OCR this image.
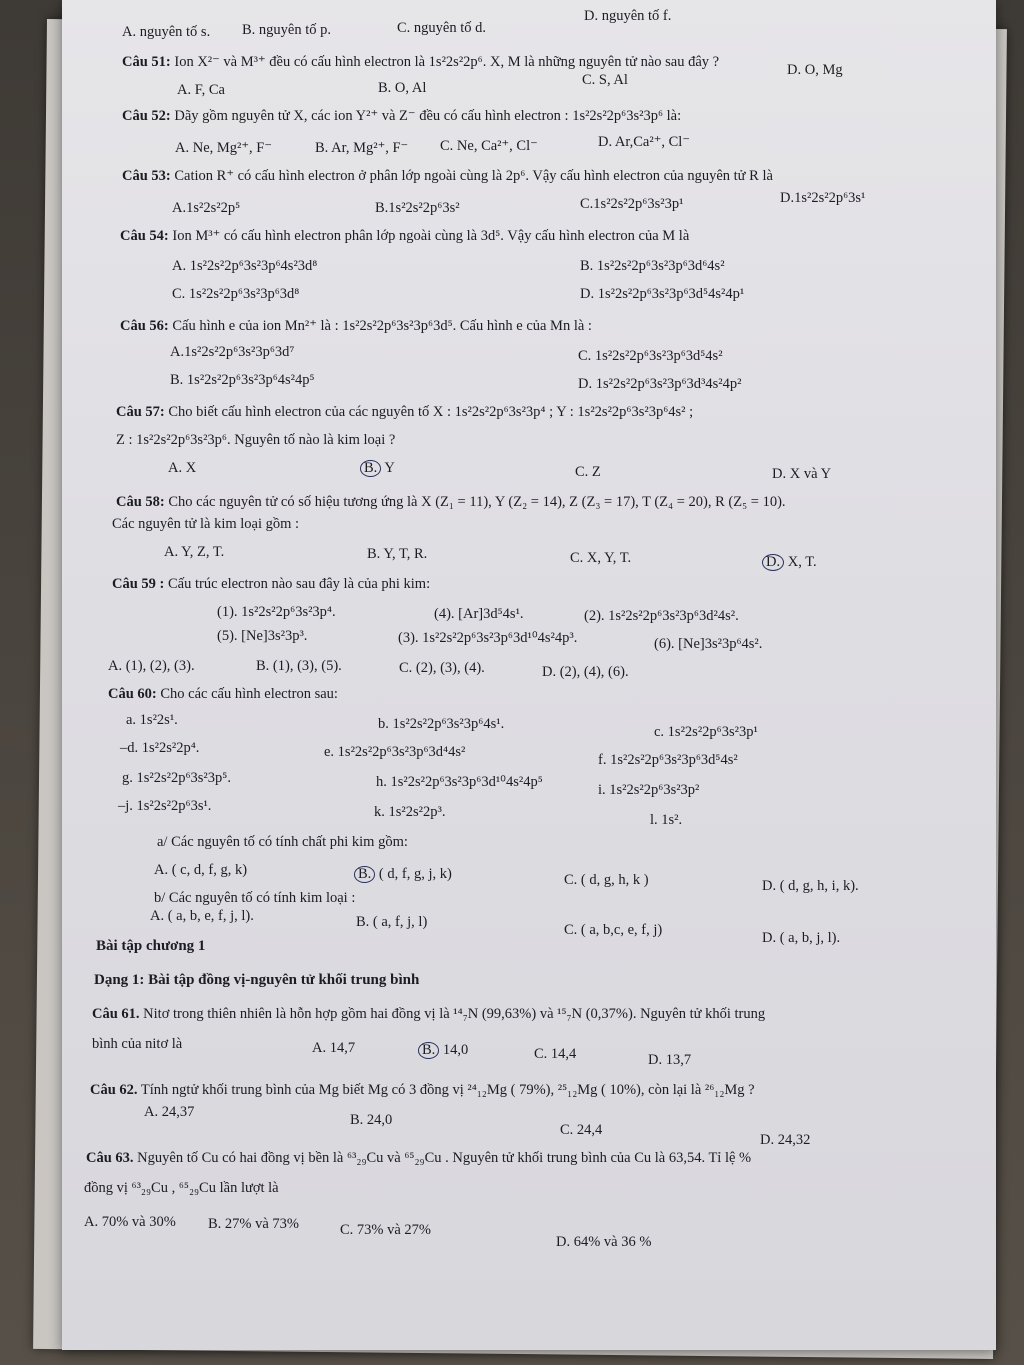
A. nguyên tố s. B. nguyên tố p.	C. nguyên tố d.
D. nguyên tố f.
Câu 51: Ion X²⁻ và M³⁺ đều có cấu hình electron là 1s²2s²2p⁶. X, M là những nguyên tử nào sau đây ?
A. F, Ca	B. O, Al	C. S, Al
D. O, Mg
Câu 52: Dãy gồm nguyên tử X, các ion Y²⁺ và Z⁻ đều có cấu hình electron : 1s²2s²2p⁶3s²3p⁶ là:
A. Ne, Mg²⁺, F⁻	B. Ar, Mg²⁺, F⁻ C. Ne, Ca²⁺, Cl⁻	D. Ar,Ca²⁺, Cl⁻
Câu 53: Cation R⁺ có cấu hình electron ở phân lớp ngoài cùng là 2p⁶. Vậy cấu hình electron của nguyên tử R là
A.1s²2s²2p⁵	B.1s²2s²2p⁶3s²	C.1s²2s²2p⁶3s²3p¹	D.1s²2s²2p⁶3s¹
Câu 54: Ion M³⁺ có cấu hình electron phân lớp ngoài cùng là 3d⁵. Vậy cấu hình electron của M là
A. 1s²2s²2p⁶3s²3p⁶4s²3d⁸	B. 1s²2s²2p⁶3s²3p⁶3d⁶4s²
C. 1s²2s²2p⁶3s²3p⁶3d⁸	D. 1s²2s²2p⁶3s²3p⁶3d⁵4s²4p¹
Câu 56: Cấu hình e của ion Mn²⁺ là : 1s²2s²2p⁶3s²3p⁶3d⁵. Cấu hình e của Mn là :
A.1s²2s²2p⁶3s²3p⁶3d⁷
B. 1s²2s²2p⁶3s²3p⁶4s²4p⁵
C. 1s²2s²2p⁶3s²3p⁶3d⁵4s²
D. 1s²2s²2p⁶3s²3p⁶3d³4s²4p²
Câu 57: Cho biết cấu hình electron của các nguyên tố X : 1s²2s²2p⁶3s²3p⁴ ; Y : 1s²2s²2p⁶3s²3p⁶4s² ;
Z : 1s²2s²2p⁶3s²3p⁶. Nguyên tố nào là kim loại ?
A. X	B. Y	C. Z	D. X và Y
Câu 58: Cho các nguyên tử có số hiệu tương ứng là X (Z₁ = 11), Y (Z₂ = 14), Z (Z₃ = 17), T (Z₄ = 20), R (Z₅ = 10).
Các nguyên tử là kim loại gồm :
A. Y, Z, T.	B. Y, T, R.	C. X, Y, T.	D. X, T.
Câu 59 : Cấu trúc electron nào sau đây là của phi kim:
(1). 1s²2s²2p⁶3s²3p⁴.	(4). [Ar]3d⁵4s¹.	(2). 1s²2s²2p⁶3s²3p⁶3d²4s².
(5). [Ne]3s²3p³.	(3). 1s²2s²2p⁶3s²3p⁶3d¹⁰4s²4p³.	(6). [Ne]3s²3p⁶4s².
A. (1), (2), (3).	B. (1), (3), (5).	C. (2), (3), (4).	D. (2), (4), (6).
Câu 60: Cho các cấu hình electron sau:
a. 1s²2s¹.	b. 1s²2s²2p⁶3s²3p⁶4s¹.	c. 1s²2s²2p⁶3s²3p¹
–d. 1s²2s²2p⁴.	e. 1s²2s²2p⁶3s²3p⁶3d⁴4s²	f. 1s²2s²2p⁶3s²3p⁶3d⁵4s²
g. 1s²2s²2p⁶3s²3p⁵.	h. 1s²2s²2p⁶3s²3p⁶3d¹⁰4s²4p⁵	i. 1s²2s²2p⁶3s²3p²
–j. 1s²2s²2p⁶3s¹.	k. 1s²2s²2p³.	l. 1s².
a/ Các nguyên tố có tính chất phi kim gồm:
A. ( c, d, f, g, k)	B. ( d, f, g, j, k)	C. ( d, g, h, k )	D. ( d, g, h, i, k).
b/ Các nguyên tố có tính kim loại :
A. ( a, b, e, f, j, l).	B. ( a, f, j, l)	C. ( a, b,c, e, f, j)	D. ( a, b, j, l).
Bài tập chương 1
Dạng 1: Bài tập đồng vị-nguyên tử khối trung bình
Câu 61. Nitơ trong thiên nhiên là hỗn hợp gồm hai đồng vị là ¹⁴₇N (99,63%) và ¹⁵₇N (0,37%). Nguyên tử khối trung
bình của nitơ là	A. 14,7	B. 14,0	C. 14,4	D. 13,7
Câu 62. Tính ngtử khối trung bình của Mg biết Mg có 3 đồng vị ²⁴₁₂Mg ( 79%), ²⁵₁₂Mg ( 10%), còn lại là ²⁶₁₂Mg ?
A. 24,37	B. 24,0
C. 24,4
D. 24,32
Câu 63. Nguyên tố Cu có hai đồng vị bền là ⁶³₂₉Cu và ⁶⁵₂₉Cu . Nguyên tử khối trung bình của Cu là 63,54. Tỉ lệ %
đồng vị ⁶³₂₉Cu , ⁶⁵₂₉Cu lần lượt là
A. 70% và 30% B. 27% và 73%	C. 73% và 27%
D. 64% và 36 %
